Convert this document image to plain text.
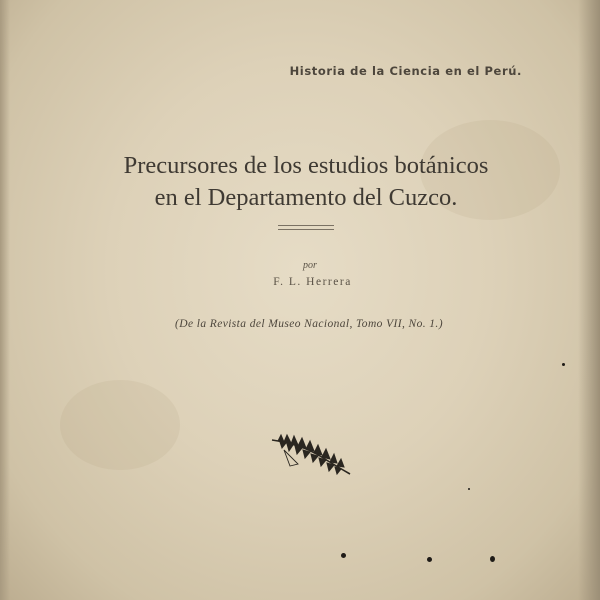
Historia de la Ciencia en el Perú.
Precursores de los estudios botánicos
en el Departamento del Cuzco.
por
F. L. Herrera
(De la Revista del Museo Nacional, Tomo VII, No. 1.)
